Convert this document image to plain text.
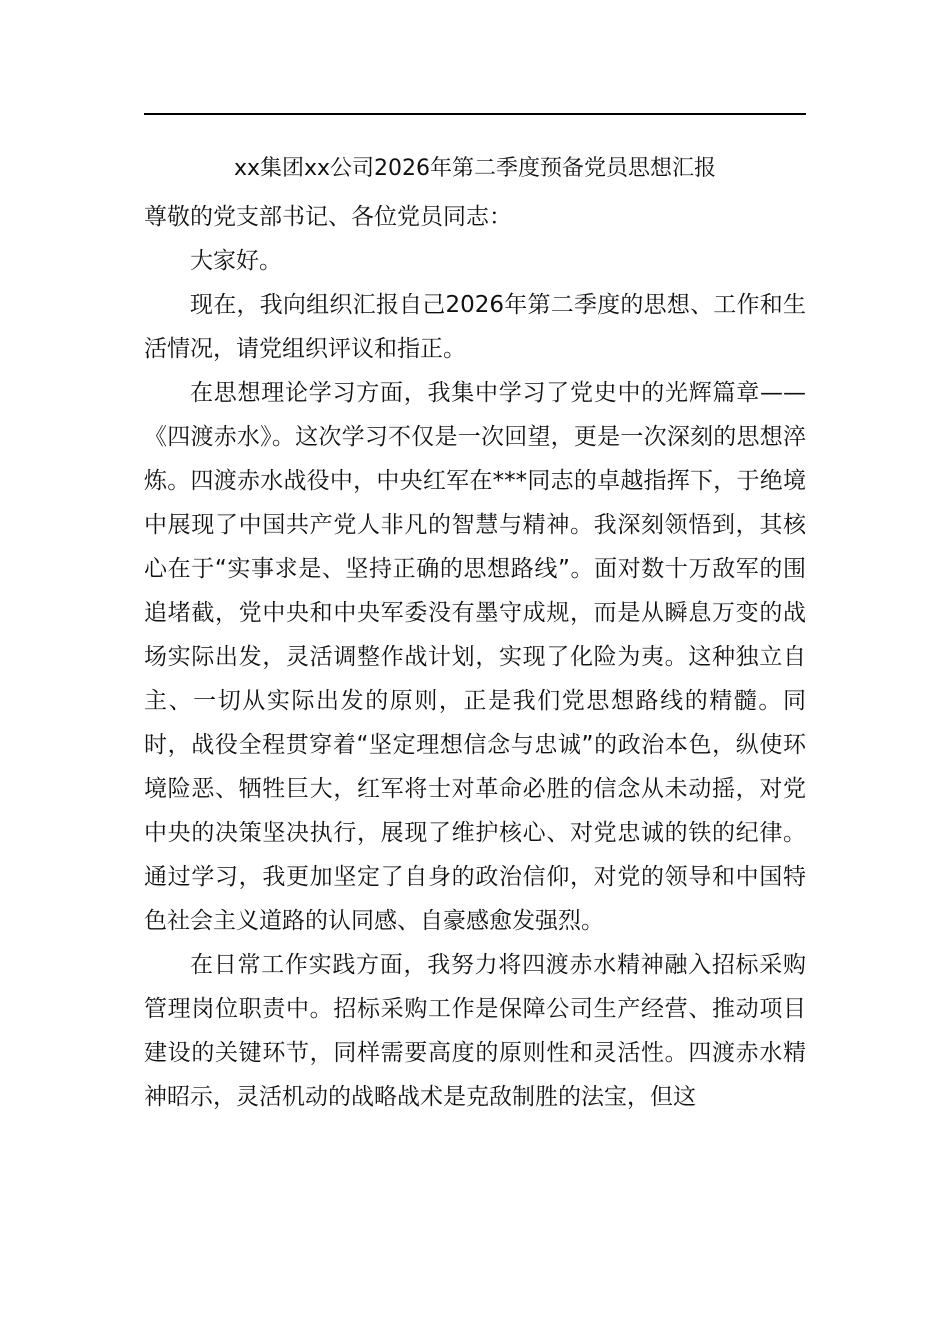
xx集团xx公司2026年第二季度预备党员思想汇报

尊敬的党支部书记、各位党员同志：

大家好。

现在，我向组织汇报自己2026年第二季度的思想、工作和生活情况，请党组织评议和指正。

在思想理论学习方面，我集中学习了党史中的光辉篇章——《四渡赤水》。这次学习不仅是一次回望，更是一次深刻的思想淬炼。四渡赤水战役中，中央红军在***同志的卓越指挥下，于绝境中展现了中国共产党人非凡的智慧与精神。我深刻领悟到，其核心在于“实事求是、坚持正确的思想路线”。面对数十万敌军的围追堵截，党中央和中央军委没有墨守成规，而是从瞬息万变的战场实际出发，灵活调整作战计划，实现了化险为夷。这种独立自主、一切从实际出发的原则，正是我们党思想路线的精髓。同时，战役全程贯穿着“坚定理想信念与忠诚”的政治本色，纵使环境险恶、牺牲巨大，红军将士对革命必胜的信念从未动摇，对党中央的决策坚决执行，展现了维护核心、对党忠诚的铁的纪律。通过学习，我更加坚定了自身的政治信仰，对党的领导和中国特色社会主义道路的认同感、自豪感愈发强烈。

在日常工作实践方面，我努力将四渡赤水精神融入招标采购管理岗位职责中。招标采购工作是保障公司生产经营、推动项目建设的关键环节，同样需要高度的原则性和灵活性。四渡赤水精神昭示，灵活机动的战略战术是克敌制胜的法宝，但这
